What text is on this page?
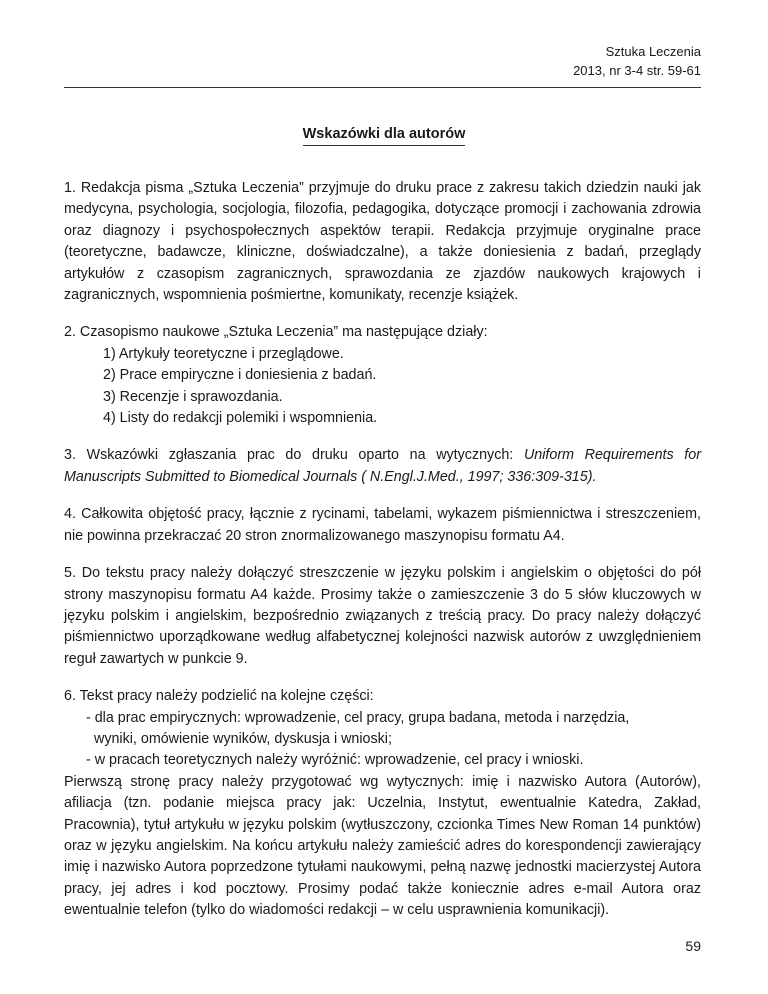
Sztuka Leczenia
2013, nr 3-4 str. 59-61
Wskazówki dla autorów

1. Redakcja pisma „Sztuka Leczenia” przyjmuje do druku prace z zakresu takich dziedzin nauki jak medycyna, psychologia, socjologia, filozofia, pedagogika, dotyczące promocji i zachowania zdrowia oraz diagnozy i psychospołecznych aspektów terapii. Redakcja przyjmuje oryginalne prace (teoretyczne, badawcze, kliniczne, doświadczalne), a także doniesienia z badań, przeglądy artykułów z czasopism zagranicznych, sprawozdania ze zjazdów naukowych krajowych i zagranicznych, wspomnienia pośmiertne, komunikaty, recenzje książek.

2. Czasopismo naukowe „Sztuka Leczenia” ma następujące działy:
1) Artykuły teoretyczne i przeglądowe.
2) Prace empiryczne i doniesienia z badań.
3) Recenzje i sprawozdania.
4) Listy do redakcji polemiki i wspomnienia.

3. Wskazówki zgłaszania prac do druku oparto na wytycznych: Uniform Requirements for Manuscripts Submitted to Biomedical Journals ( N.Engl.J.Med., 1997; 336:309-315).

4. Całkowita objętość pracy, łącznie z rycinami, tabelami, wykazem piśmiennictwa i streszczeniem, nie powinna przekraczać 20 stron znormalizowanego maszynopisu formatu A4.

5. Do tekstu pracy należy dołączyć streszczenie w języku polskim i angielskim o objętości do pół strony maszynopisu formatu A4 każde. Prosimy także o zamieszczenie 3 do 5 słów kluczowych w języku polskim i angielskim, bezpośrednio związanych z treścią pracy. Do pracy należy dołączyć piśmiennictwo uporządkowane według alfabetycznej kolejności nazwisk autorów z uwzględnieniem reguł zawartych w punkcie 9.

6. Tekst pracy należy podzielić na kolejne części:
- dla prac empirycznych: wprowadzenie, cel pracy, grupa badana, metoda i narzędzia,
wyniki, omówienie wyników, dyskusja i wnioski;
- w pracach teoretycznych należy wyróżnić: wprowadzenie, cel pracy i wnioski.
Pierwszą stronę pracy należy przygotować wg wytycznych: imię i nazwisko Autora (Autorów), afiliacja (tzn. podanie miejsca pracy jak: Uczelnia, Instytut, ewentualnie Katedra, Zakład, Pracownia), tytuł artykułu w języku polskim (wytłuszczony, czcionka Times New Roman 14 punktów) oraz w języku angielskim. Na końcu artykułu należy zamieścić adres do korespondencji zawierający imię i nazwisko Autora poprzedzone tytułami naukowymi, pełną nazwę jednostki macierzystej Autora pracy, jej adres i kod pocztowy. Prosimy podać także koniecznie adres e-mail Autora oraz ewentualnie telefon (tylko do wiadomości redakcji – w celu usprawnienia komunikacji).
59
